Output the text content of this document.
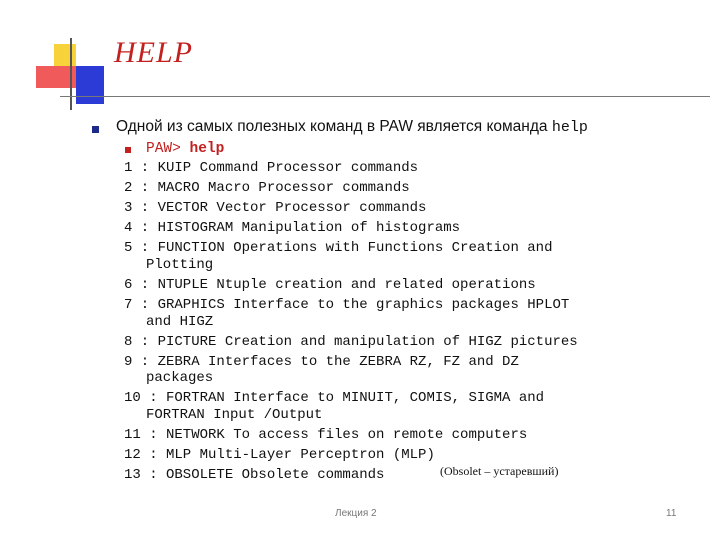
HELP
Одной из самых полезных команд в PAW является команда help
PAW> help
1 : KUIP Command Processor commands
2 : MACRO Macro Processor commands
3 : VECTOR Vector Processor commands
4 : HISTOGRAM Manipulation of histograms
5 : FUNCTION Operations with Functions Creation and
Plotting
6 : NTUPLE Ntuple creation and related operations
7 : GRAPHICS Interface to the graphics packages HPLOT
and HIGZ
8 : PICTURE Creation and manipulation of HIGZ pictures
9 : ZEBRA Interfaces to the ZEBRA RZ, FZ and DZ
packages
10 : FORTRAN Interface to MINUIT, COMIS, SIGMA and
FORTRAN Input /Output
11 : NETWORK To access files on remote computers
12 : MLP Multi-Layer Perceptron (MLP)
13 : OBSOLETE Obsolete commands	(Obsolet – устаревший)
Лекция 2	11
